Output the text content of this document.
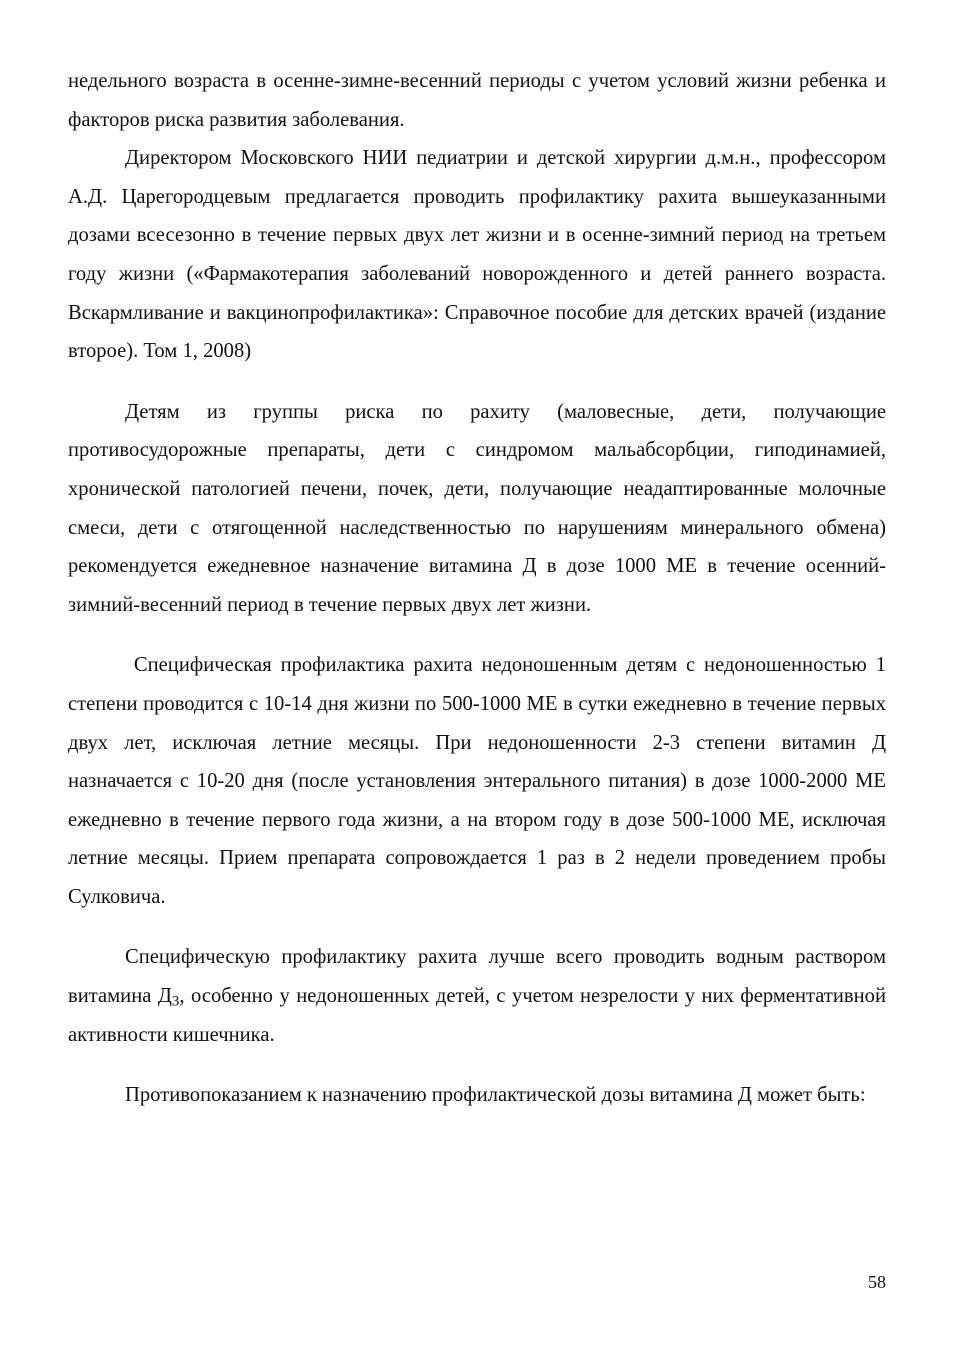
недельного возраста в осенне-зимне-весенний периоды с учетом условий жизни ребенка и факторов риска развития заболевания.

Директором Московского НИИ педиатрии и детской хирургии д.м.н., профессором А.Д. Царегородцевым предлагается проводить профилактику рахита вышеуказанными дозами всесезонно в течение первых двух лет жизни и в осенне-зимний период на третьем году жизни («Фармакотерапия заболеваний новорожденного и детей раннего возраста. Вскармливание и вакцинопрофилактика»: Справочное пособие для детских врачей (издание второе). Том 1, 2008)

Детям из группы риска по рахиту (маловесные, дети, получающие противосудорожные препараты, дети с синдромом мальабсорбции, гиподинамией, хронической патологией печени, почек, дети, получающие неадаптированные молочные смеси, дети с отягощенной наследственностью по нарушениям минерального обмена) рекомендуется ежедневное назначение витамина Д в дозе 1000 МЕ в течение осенний-зимний-весенний период в течение первых двух лет жизни.

Специфическая профилактика рахита недоношенным детям с недоношенностью 1 степени проводится с 10-14 дня жизни по 500-1000 МЕ в сутки ежедневно в течение первых двух лет, исключая летние месяцы. При недоношенности 2-3 степени витамин Д назначается с 10-20 дня (после установления энтерального питания) в дозе 1000-2000 МЕ ежедневно в течение первого года жизни, а на втором году в дозе 500-1000 МЕ, исключая летние месяцы. Прием препарата сопровождается 1 раз в 2 недели проведением пробы Сулковича.

Специфическую профилактику рахита лучше всего проводить водным раствором витамина $Д_3$, особенно у недоношенных детей, с учетом незрелости у них ферментативной активности кишечника.

Противопоказанием к назначению профилактической дозы витамина Д может быть:

58
